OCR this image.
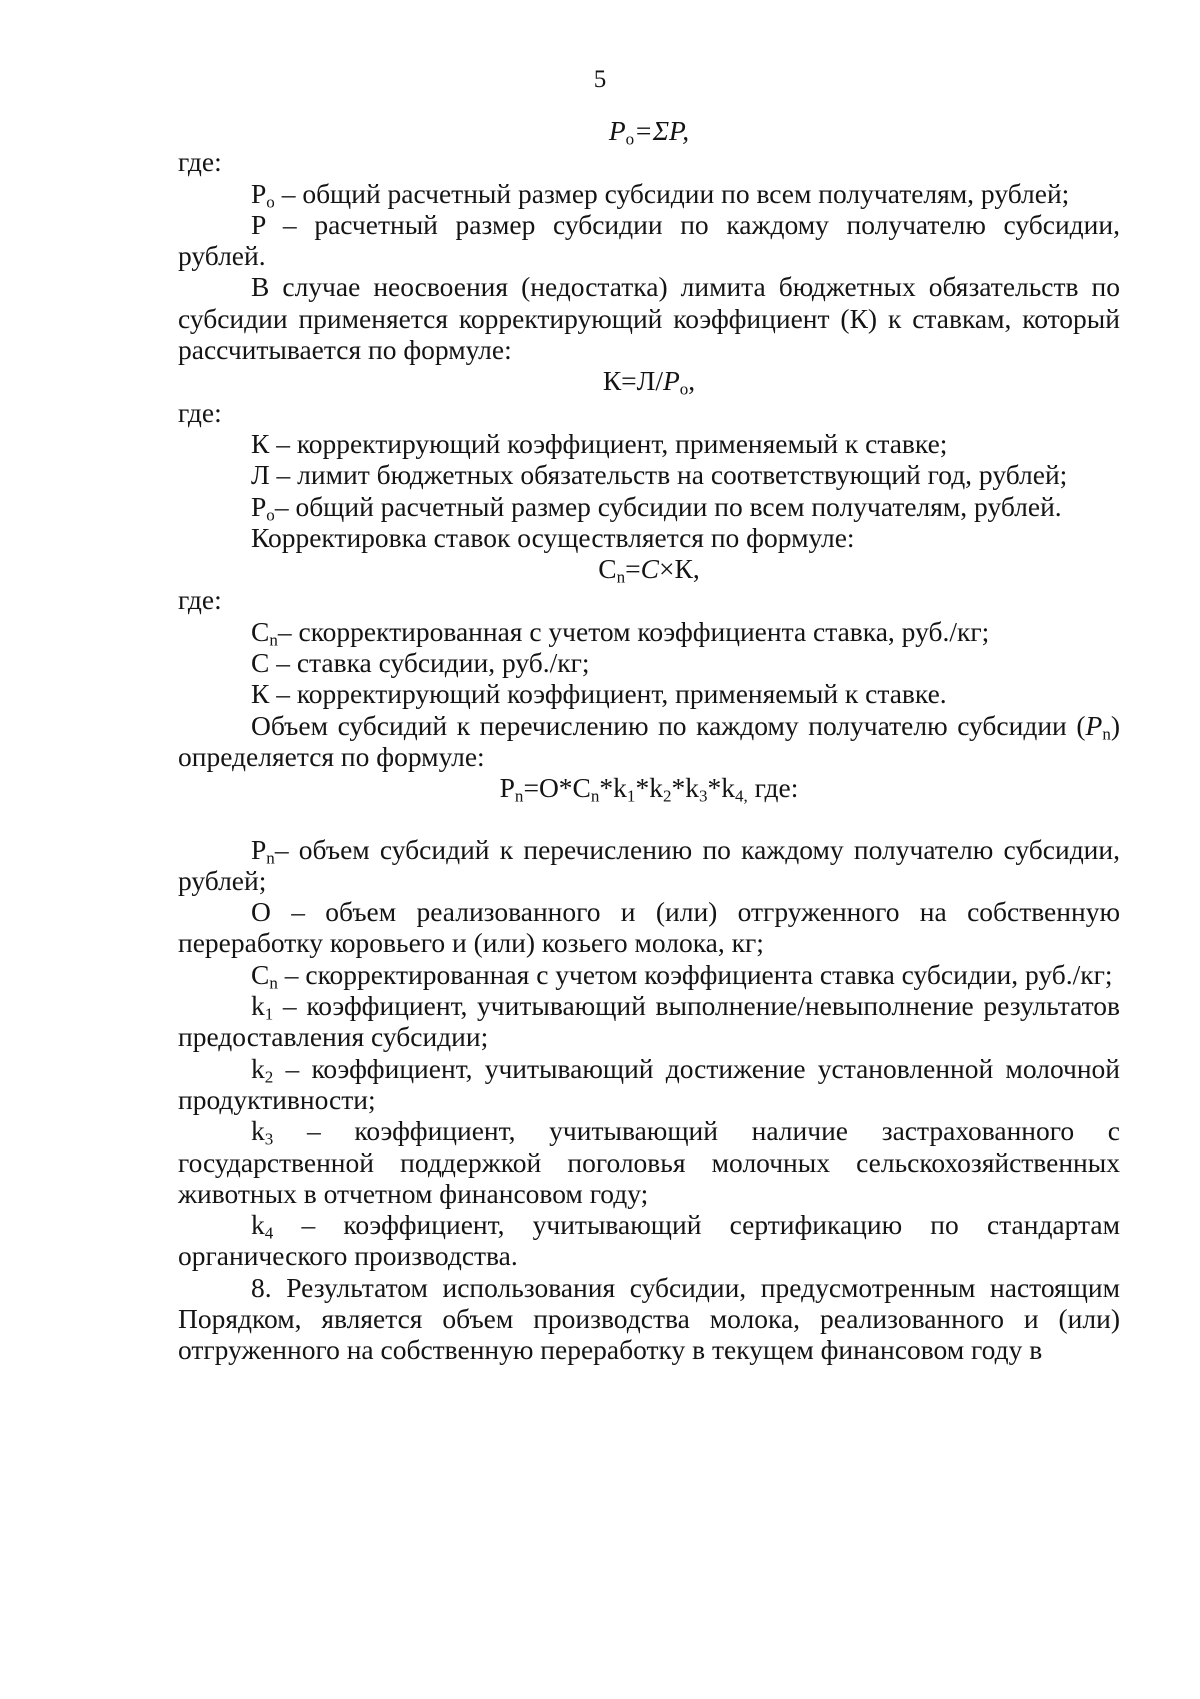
5

$P_о=\Sigma P$,

где:

$P_о$ – общий расчетный размер субсидии по всем получателям, рублей;

P – расчетный размер субсидии по каждому получателю субсидии, рублей.

В случае неосвоения (недостатка) лимита бюджетных обязательств по субсидии применяется корректирующий коэффициент (К) к ставкам, который рассчитывается по формуле:

$К=Л/P_о$,

где:

К – корректирующий коэффициент, применяемый к ставке;

Л – лимит бюджетных обязательств на соответствующий год, рублей;

$P_о-$ общий расчетный размер субсидии по всем получателям, рублей.

Корректировка ставок осуществляется по формуле:

$C_n=C\times К$,

где:

$C_n-$ скорректированная с учетом коэффициента ставка, руб./кг;

С – ставка субсидии, руб./кг;

К – корректирующий коэффициент, применяемый к ставке.

Объем субсидий к перечислению по каждому получателю субсидии $(P_n)$ определяется по формуле:

$P_n=O*C_n*k_1*k_2*k_3*k_{4,}$ где:

$P_n-$ объем субсидий к перечислению по каждому получателю субсидии, рублей;

О – объем реализованного и (или) отгруженного на собственную переработку коровьего и (или) козьего молока, кг;

$C_n$ – скорректированная с учетом коэффициента ставка субсидии, руб./кг;

$k_1$ – коэффициент, учитывающий выполнение/невыполнение результатов предоставления субсидии;

$k_2$ – коэффициент, учитывающий достижение установленной молочной продуктивности;

$k_3$ – коэффициент, учитывающий наличие застрахованного с государственной поддержкой поголовья молочных сельскохозяйственных животных в отчетном финансовом году;

$k_4$ – коэффициент, учитывающий сертификацию по стандартам органического производства.

8. Результатом использования субсидии, предусмотренным настоящим Порядком, является объем производства молока, реализованного и (или) отгруженного на собственную переработку в текущем финансовом году в
